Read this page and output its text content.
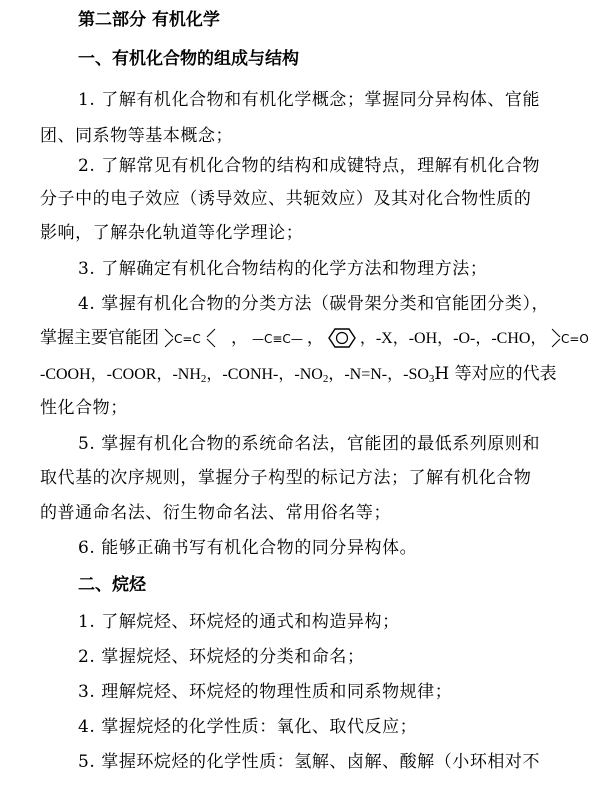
第二部分 有机化学
一、有机化合物的组成与结构
1. 了解有机化合物和有机化学概念；掌握同分异构体、官能
团、同系物等基本概念；
2. 了解常见有机化合物的结构和成键特点，理解有机化合物
分子中的电子效应（诱导效应、共轭效应）及其对化合物性质的
影响，了解杂化轨道等化学理论；
3. 了解确定有机化合物结构的化学方法和物理方法；
4. 掌握有机化合物的分类方法（碳骨架分类和官能团分类），
掌握主要官能团 C=C ， —C≡C— ， ，-X，-OH，-O-，-CHO， C=O
-COOH，-COOR，$-NH_2$，-CONH-，$-NO_2$，-N=N-，$-SO_3H$ 等对应的代表
性化合物；
5. 掌握有机化合物的系统命名法，官能团的最低系列原则和
取代基的次序规则，掌握分子构型的标记方法；了解有机化合物
的普通命名法、衍生物命名法、常用俗名等；
6. 能够正确书写有机化合物的同分异构体。
二、烷烃
1. 了解烷烃、环烷烃的通式和构造异构；
2. 掌握烷烃、环烷烃的分类和命名；
3. 理解烷烃、环烷烃的物理性质和同系物规律；
4. 掌握烷烃的化学性质：氧化、取代反应；
5. 掌握环烷烃的化学性质：氢解、卤解、酸解（小环相对不
